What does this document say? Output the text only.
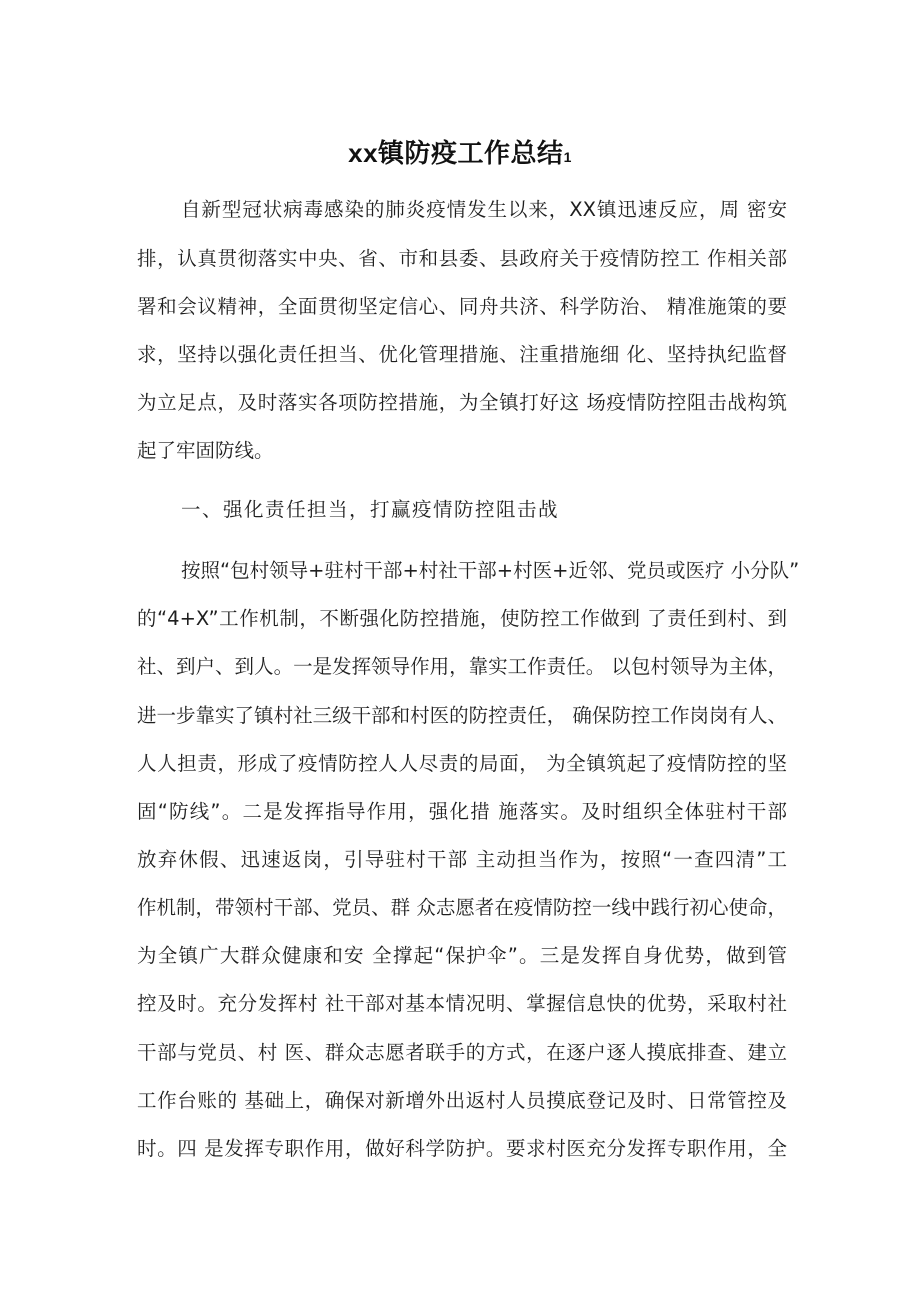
xx镇防疫工作总结1
自新型冠状病毒感染的肺炎疫情发生以来，XX镇迅速反应，周 密安
排，认真贯彻落实中央、省、市和县委、县政府关于疫情防控工 作相关部
署和会议精神，全面贯彻坚定信心、同舟共济、科学防治、 精准施策的要
求，坚持以强化责任担当、优化管理措施、注重措施细 化、坚持执纪监督
为立足点，及时落实各项防控措施，为全镇打好这 场疫情防控阻击战构筑
起了牢固防线。
一、强化责任担当，打赢疫情防控阻击战
按照“包村领导+驻村干部+村社干部+村医+近邻、党员或医疗 小分队”
的“4+X”工作机制，不断强化防控措施，使防控工作做到 了责任到村、到
社、到户、到人。一是发挥领导作用，靠实工作责任。 以包村领导为主体，
进一步靠实了镇村社三级干部和村医的防控责任， 确保防控工作岗岗有人、
人人担责，形成了疫情防控人人尽责的局面， 为全镇筑起了疫情防控的坚
固“防线”。二是发挥指导作用，强化措 施落实。及时组织全体驻村干部
放弃休假、迅速返岗，引导驻村干部 主动担当作为，按照“一查四清”工
作机制，带领村干部、党员、群 众志愿者在疫情防控一线中践行初心使命，
为全镇广大群众健康和安 全撑起“保护伞”。三是发挥自身优势，做到管
控及时。充分发挥村 社干部对基本情况明、掌握信息快的优势，采取村社
干部与党员、村 医、群众志愿者联手的方式，在逐户逐人摸底排查、建立
工作台账的 基础上，确保对新增外出返村人员摸底登记及时、日常管控及
时。四 是发挥专职作用，做好科学防护。要求村医充分发挥专职作用，全
